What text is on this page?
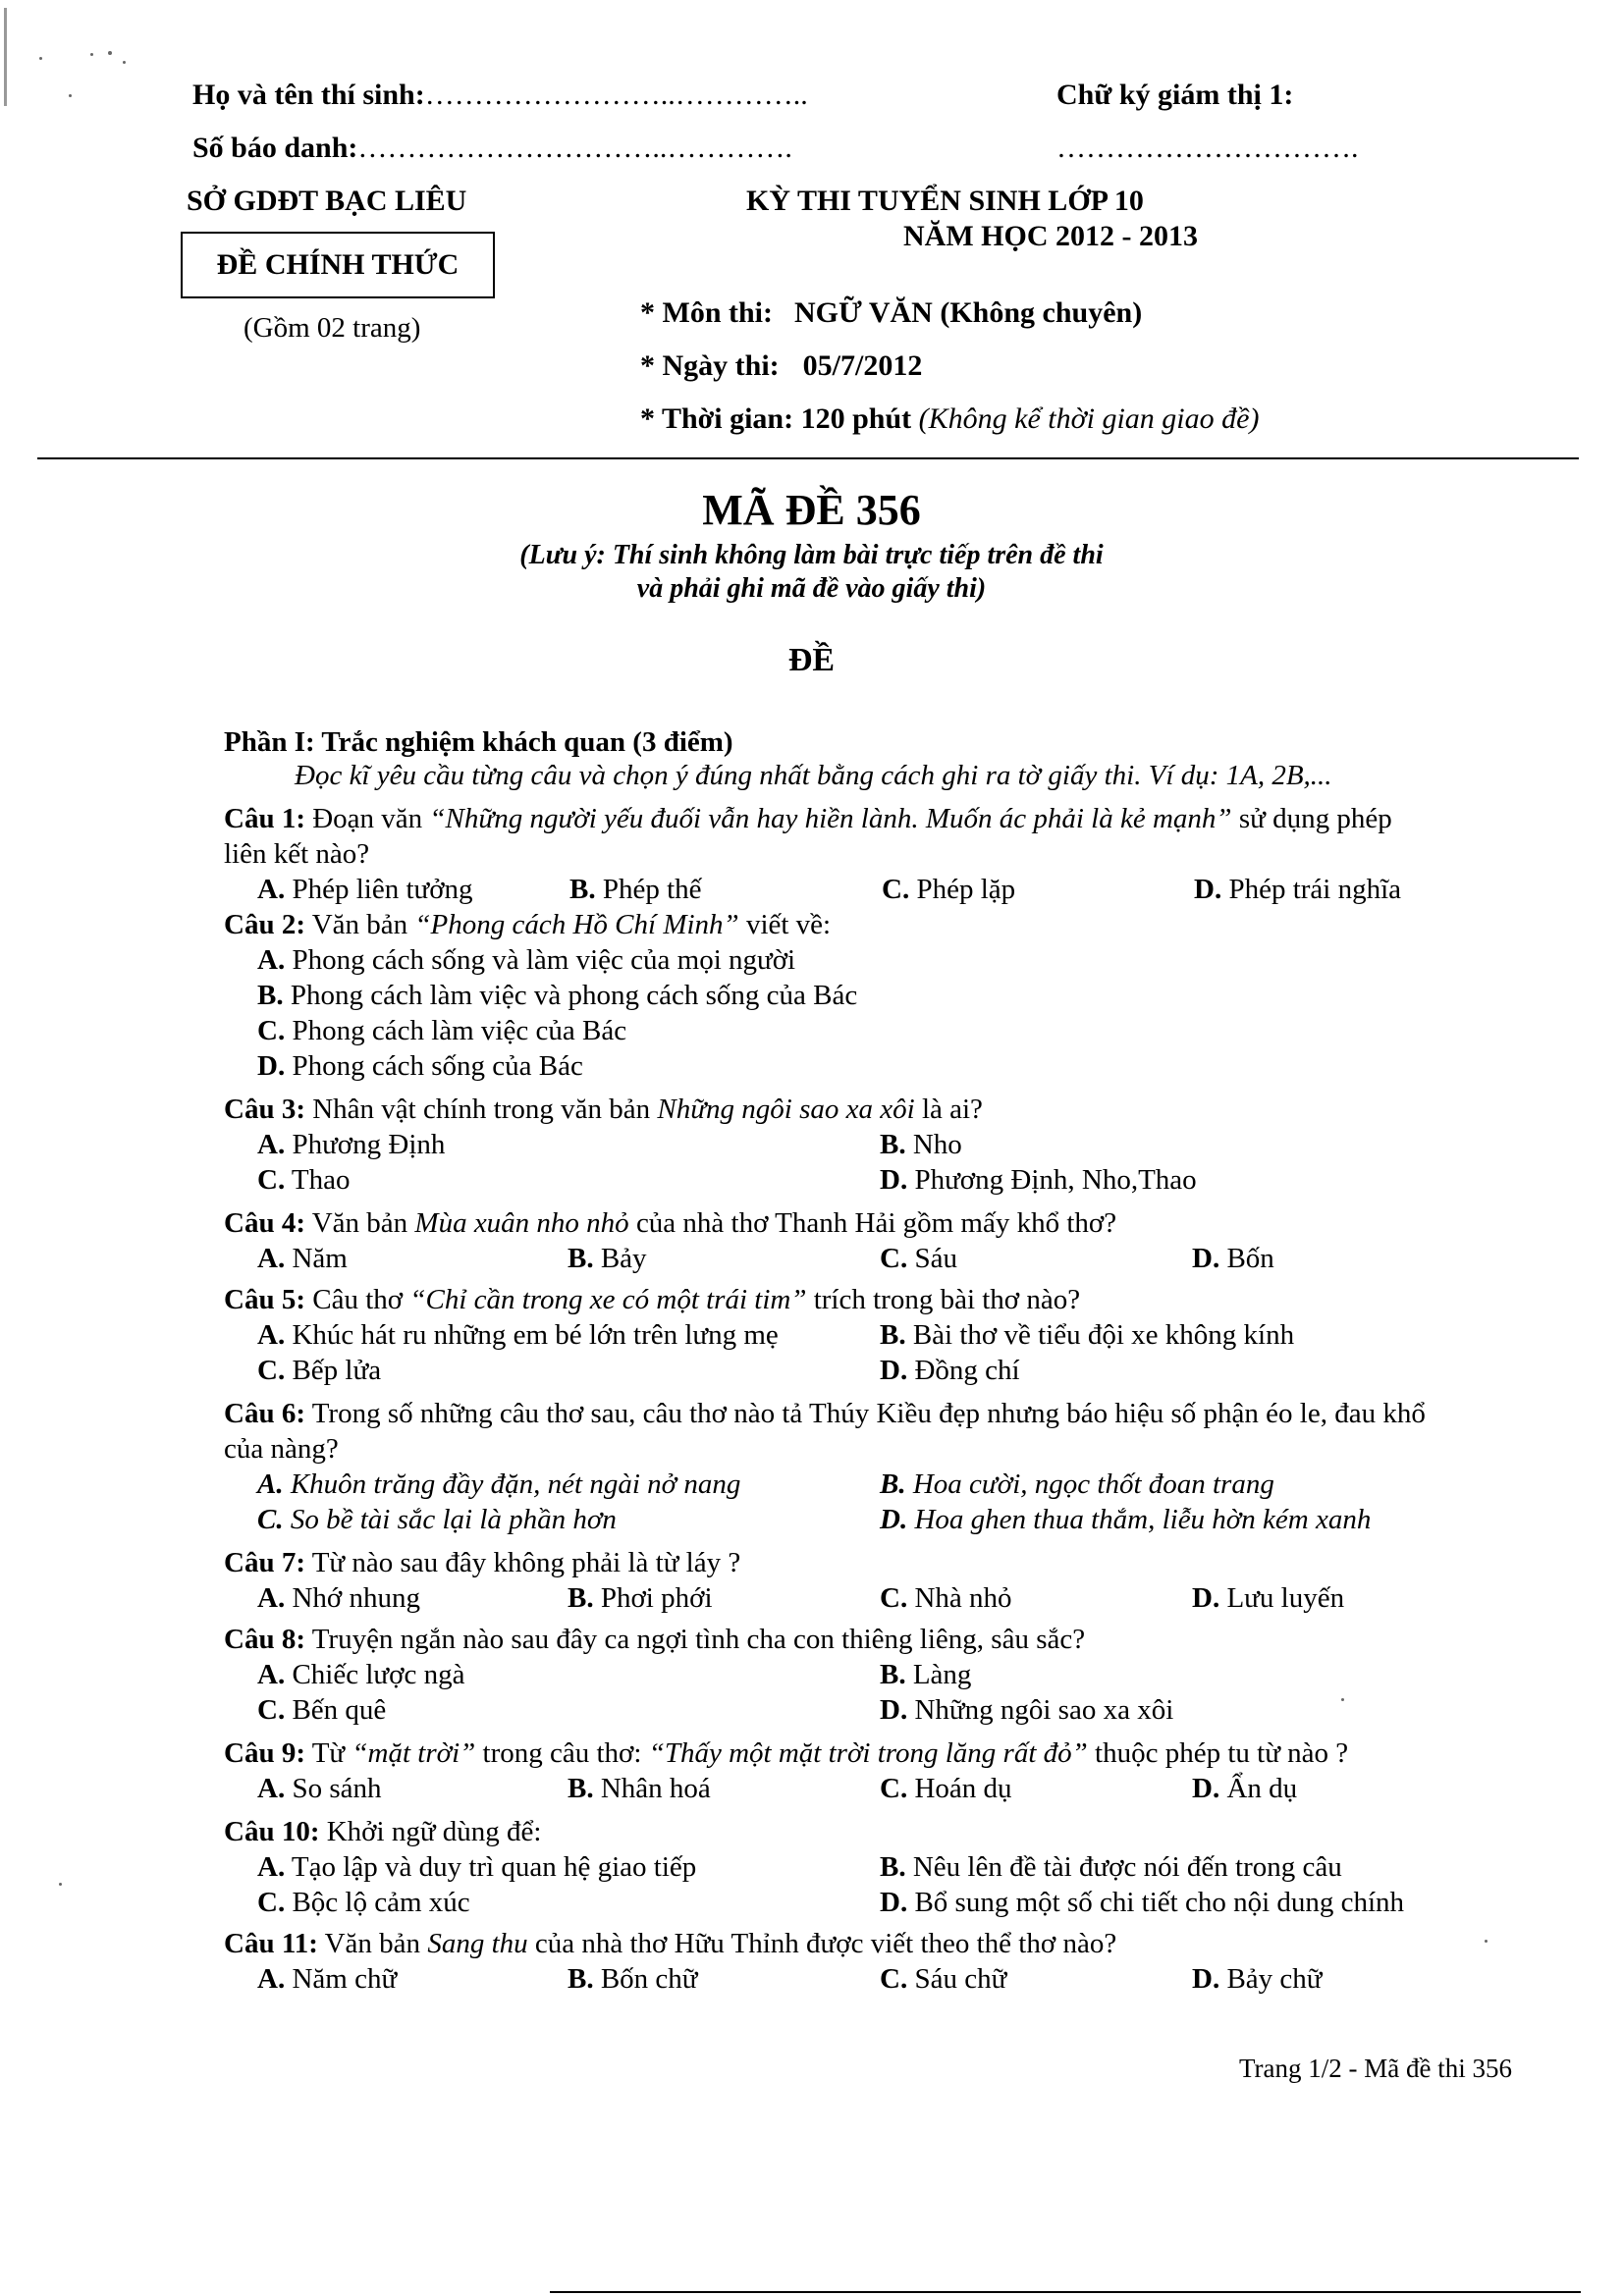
Họ và tên thí sinh:……………………..…………..	Chữ ký giám thị 1:
Số báo danh:…………………………..………….	………………………….
SỞ GDĐT BẠC LIÊU
ĐỀ CHÍNH THỨC
(Gồm 02 trang)
KỲ THI TUYỂN SINH LỚP 10
NĂM HỌC 2012 - 2013
* Môn thi: NGỮ VĂN (Không chuyên)
* Ngày thi: 05/7/2012
* Thời gian: 120 phút (Không kể thời gian giao đề)
MÃ ĐỀ 356
(Lưu ý: Thí sinh không làm bài trực tiếp trên đề thi
và phải ghi mã đề vào giấy thi)
ĐỀ
Phần I: Trắc nghiệm khách quan (3 điểm)
Đọc kĩ yêu cầu từng câu và chọn ý đúng nhất bằng cách ghi ra tờ giấy thi. Ví dụ: 1A, 2B,...
Câu 1: Đoạn văn “Những người yếu đuối vẫn hay hiền lành. Muốn ác phải là kẻ mạnh” sử dụng phép
liên kết nào?
A. Phép liên tưởng	B. Phép thế	C. Phép lặp	D. Phép trái nghĩa
Câu 2: Văn bản “Phong cách Hồ Chí Minh” viết về:
A. Phong cách sống và làm việc của mọi người
B. Phong cách làm việc và phong cách sống của Bác
C. Phong cách làm việc của Bác
D. Phong cách sống của Bác
Câu 3: Nhân vật chính trong văn bản Những ngôi sao xa xôi là ai?
A. Phương Định	B. Nho
C. Thao	D. Phương Định, Nho,Thao
Câu 4: Văn bản Mùa xuân nho nhỏ của nhà thơ Thanh Hải gồm mấy khổ thơ?
A. Năm	B. Bảy	C. Sáu	D. Bốn
Câu 5: Câu thơ “Chỉ cần trong xe có một trái tim” trích trong bài thơ nào?
A. Khúc hát ru những em bé lớn trên lưng mẹ	B. Bài thơ về tiểu đội xe không kính
C. Bếp lửa	D. Đồng chí
Câu 6: Trong số những câu thơ sau, câu thơ nào tả Thúy Kiều đẹp nhưng báo hiệu số phận éo le, đau khổ
của nàng?
A. Khuôn trăng đầy đặn, nét ngài nở nang	B. Hoa cười, ngọc thốt đoan trang
C. So bề tài sắc lại là phần hơn	D. Hoa ghen thua thắm, liễu hờn kém xanh
Câu 7: Từ nào sau đây không phải là từ láy ?
A. Nhớ nhung	B. Phơi phới	C. Nhà nhỏ	D. Lưu luyến
Câu 8: Truyện ngắn nào sau đây ca ngợi tình cha con thiêng liêng, sâu sắc?
A. Chiếc lược ngà	B. Làng
C. Bến quê	D. Những ngôi sao xa xôi
Câu 9: Từ “mặt trời” trong câu thơ: “Thấy một mặt trời trong lăng rất đỏ” thuộc phép tu từ nào ?
A. So sánh	B. Nhân hoá	C. Hoán dụ	D. Ẩn dụ
Câu 10: Khởi ngữ dùng để:
A. Tạo lập và duy trì quan hệ giao tiếp	B. Nêu lên đề tài được nói đến trong câu
C. Bộc lộ cảm xúc	D. Bổ sung một số chi tiết cho nội dung chính
Câu 11: Văn bản Sang thu của nhà thơ Hữu Thỉnh được viết theo thể thơ nào?
A. Năm chữ	B. Bốn chữ	C. Sáu chữ	D. Bảy chữ
Trang 1/2 - Mã đề thi 356
